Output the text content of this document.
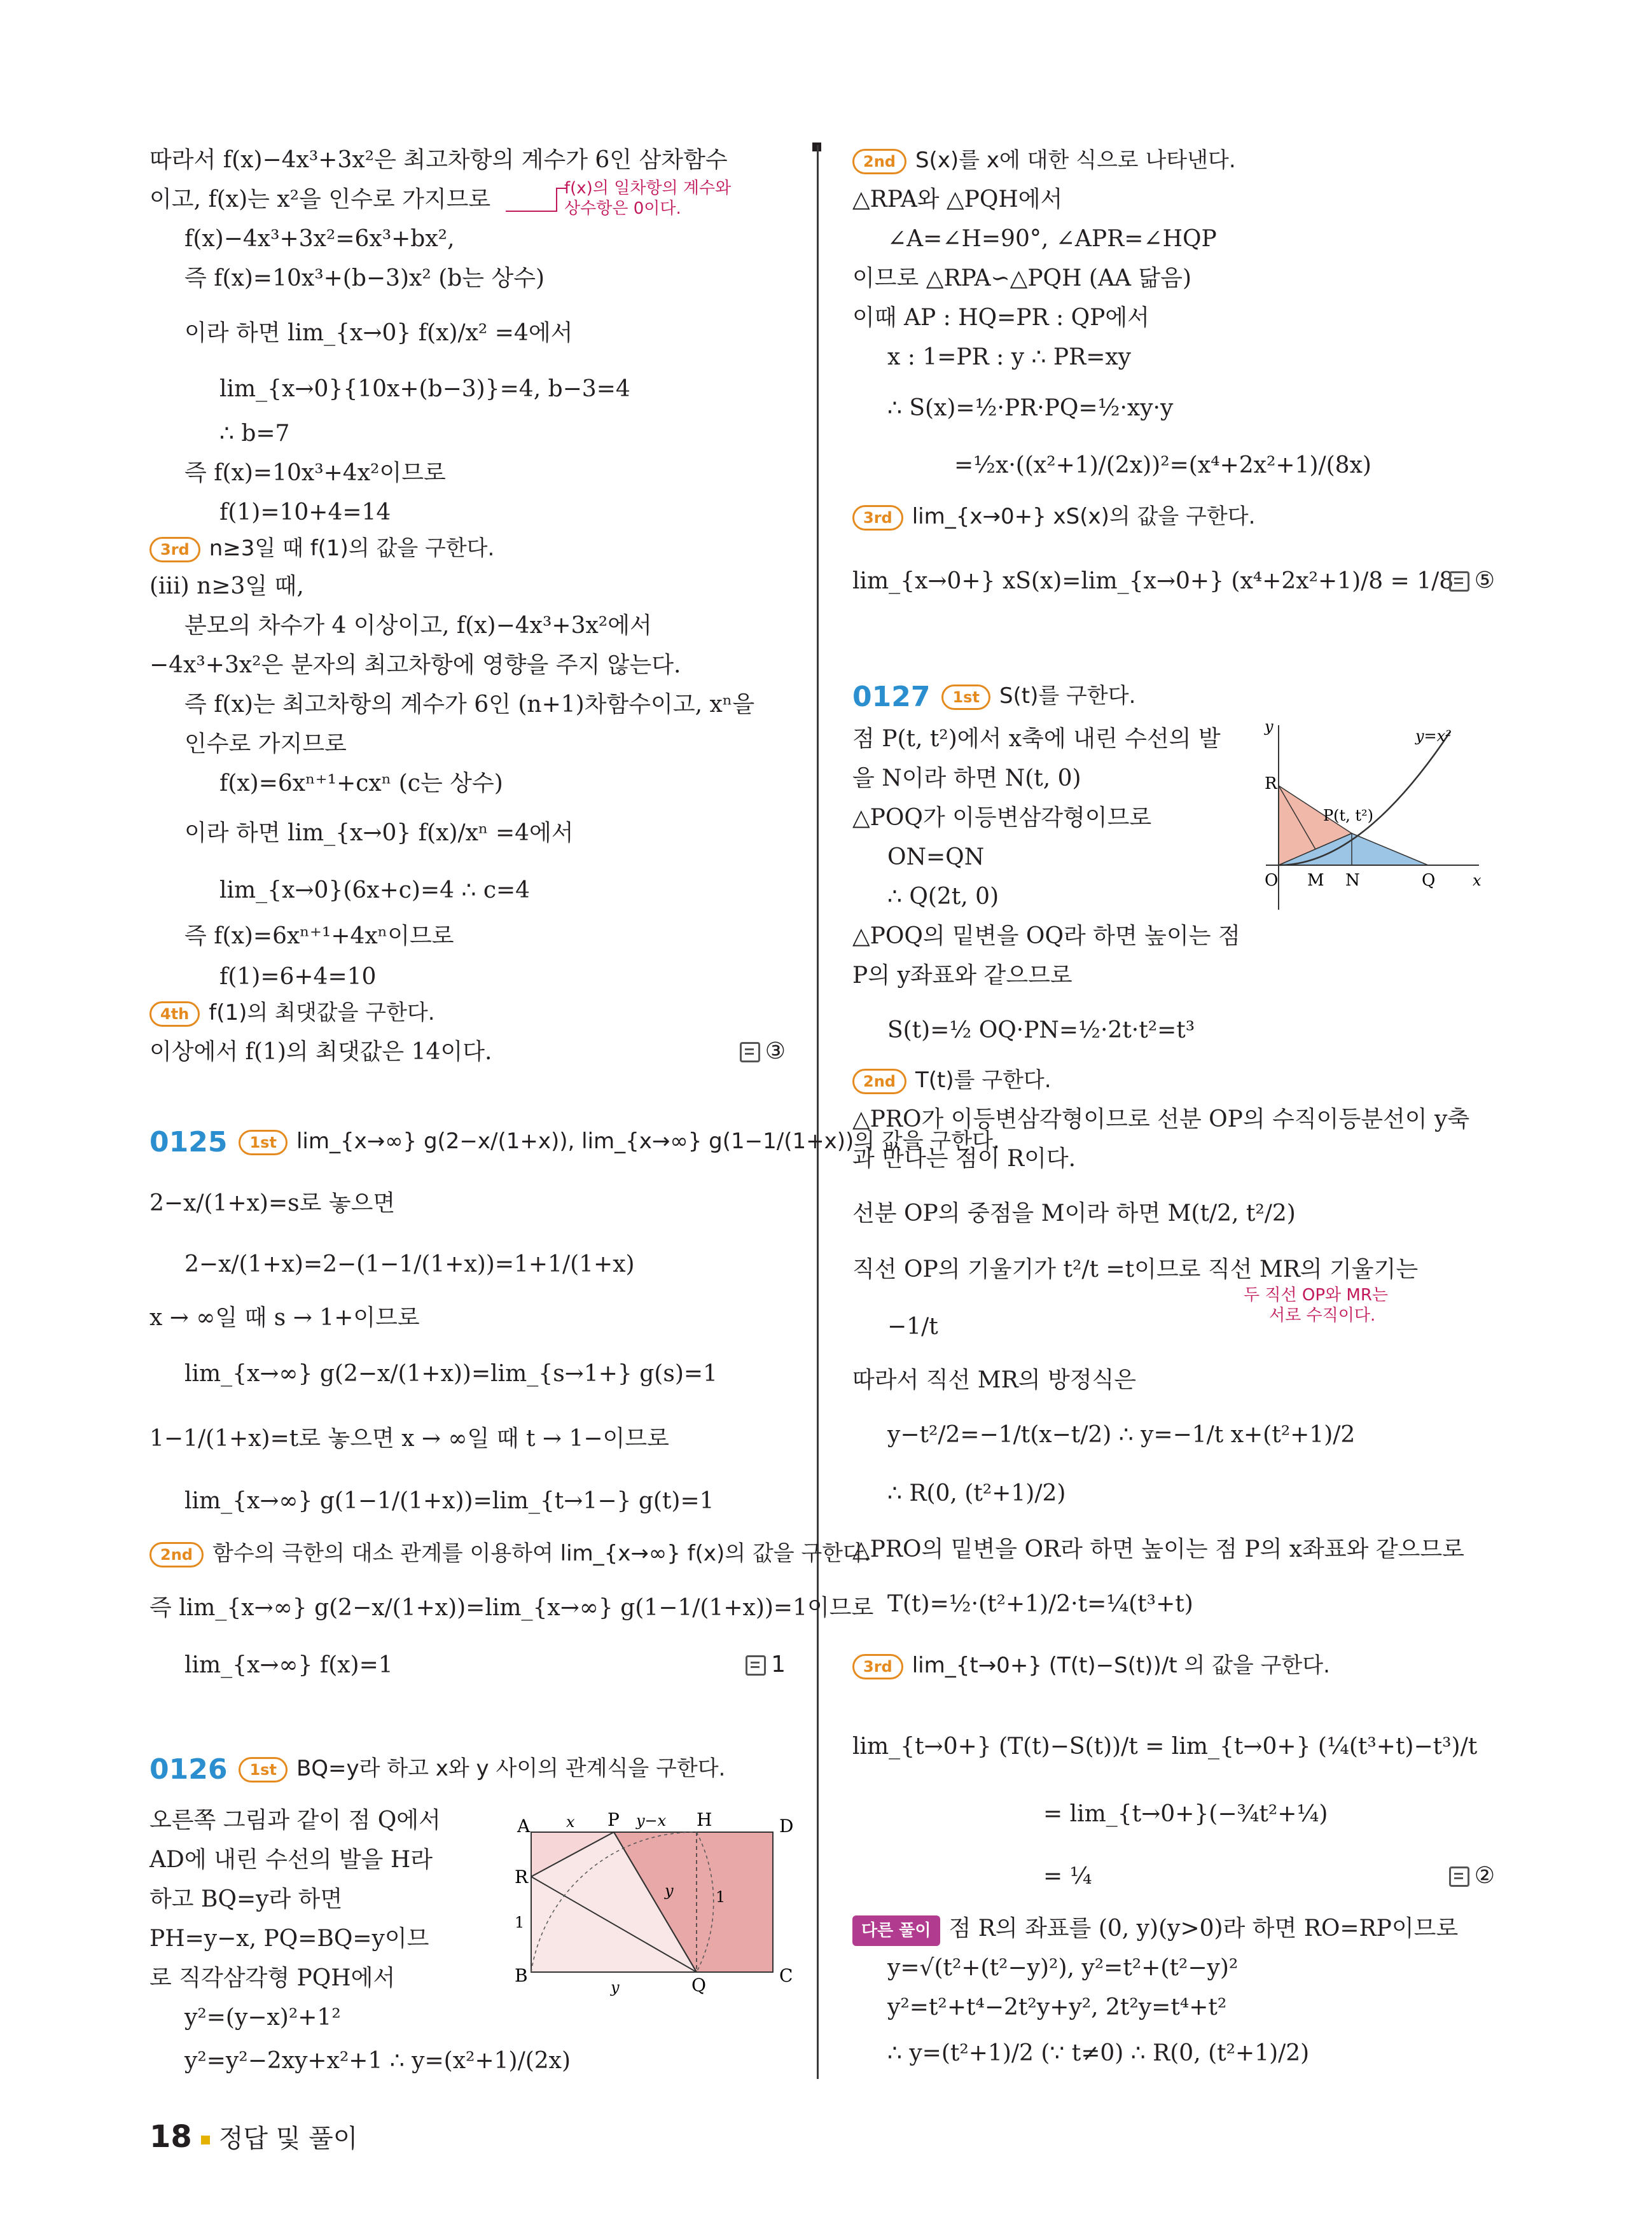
따라서 f(x)−4x³+3x²은 최고차항의 계수가 6인 삼차함수
이고, f(x)는 x²을 인수로 가지므로
f(x)−4x³+3x²=6x³+bx²,
즉 f(x)=10x³+(b−3)x² (b는 상수)
이라 하면 lim_{x→0} f(x)/x² =4에서
lim_{x→0}{10x+(b−3)}=4, b−3=4
∴ b=7
즉 f(x)=10x³+4x²이므로
f(1)=10+4=14
3rd n≥3일 때 f(1)의 값을 구한다.
(iii) n≥3일 때,
분모의 차수가 4 이상이고, f(x)−4x³+3x²에서
−4x³+3x²은 분자의 최고차항에 영향을 주지 않는다.
즉 f(x)는 최고차항의 계수가 6인 (n+1)차함수이고, xⁿ을
인수로 가지므로
f(x)=6xⁿ⁺¹+cxⁿ (c는 상수)
이라 하면 lim_{x→0} f(x)/xⁿ =4에서
lim_{x→0}(6x+c)=4 ∴ c=4
즉 f(x)=6xⁿ⁺¹+4xⁿ이므로
f(1)=6+4=10
4th f(1)의 최댓값을 구한다.
이상에서 f(1)의 최댓값은 14이다.	③
f(x)의 일차항의 계수와
상수항은 0이다.
0125 1st lim_{x→∞} g(2−x/(1+x)), lim_{x→∞} g(1−1/(1+x))의 값을 구한다.
2−x/(1+x)=s로 놓으면
2−x/(1+x)=2−(1−1/(1+x))=1+1/(1+x)
x → ∞일 때 s → 1+이므로
lim_{x→∞} g(2−x/(1+x))=lim_{s→1+} g(s)=1
1−1/(1+x)=t로 놓으면 x → ∞일 때 t → 1−이므로
lim_{x→∞} g(1−1/(1+x))=lim_{t→1−} g(t)=1
2nd 함수의 극한의 대소 관계를 이용하여 lim_{x→∞} f(x)의 값을 구한다.
즉 lim_{x→∞} g(2−x/(1+x))=lim_{x→∞} g(1−1/(1+x))=1이므로
lim_{x→∞} f(x)=1	1
0126 1st BQ=y라 하고 x와 y 사이의 관계식을 구한다.
오른쪽 그림과 같이 점 Q에서
AD에 내린 수선의 발을 H라
하고 BQ=y라 하면
PH=y−x, PQ=BQ=y이므
로 직각삼각형 PQH에서
y²=(y−x)²+1²
y²=y²−2xy+x²+1 ∴ y=(x²+1)/(2x)
A x P y−x H	D
R
1
y	1
B
y	Q	C
2nd S(x)를 x에 대한 식으로 나타낸다.
△RPA와 △PQH에서
∠A=∠H=90°, ∠APR=∠HQP
이므로 △RPA∽△PQH (AA 닮음)
이때 AP : HQ=PR : QP에서
x : 1=PR : y ∴ PR=xy
∴ S(x)=½·PR·PQ=½·xy·y
=½x·((x²+1)/(2x))²=(x⁴+2x²+1)/(8x)
3rd lim_{x→0+} xS(x)의 값을 구한다.
lim_{x→0+} xS(x)=lim_{x→0+} (x⁴+2x²+1)/8 = 1/8 ⑤
0127 1st S(t)를 구한다.
점 P(t, t²)에서 x축에 내린 수선의 발
을 N이라 하면 N(t, 0)
△POQ가 이등변삼각형이므로
ON=QN
∴ Q(2t, 0)
△POQ의 밑변을 OQ라 하면 높이는 점
P의 y좌표와 같으므로
S(t)=½ OQ·PN=½·2t·t²=t³
2nd T(t)를 구한다.
△PRO가 이등변삼각형이므로 선분 OP의 수직이등분선이 y축
과 만나는 점이 R이다.
선분 OP의 중점을 M이라 하면 M(t/2, t²/2)
직선 OP의 기울기가 t²/t =t이므로 직선 MR의 기울기는
−1/t
두 직선 OP와 MR는
서로 수직이다.
따라서 직선 MR의 방정식은
y−t²/2=−1/t(x−t/2) ∴ y=−1/t x+(t²+1)/2
∴ R(0, (t²+1)/2)
△PRO의 밑변을 OR라 하면 높이는 점 P의 x좌표와 같으므로
T(t)=½·(t²+1)/2·t=¼(t³+t)
3rd lim_{t→0+} (T(t)−S(t))/t 의 값을 구한다.
lim_{t→0+} (T(t)−S(t))/t = lim_{t→0+} (¼(t³+t)−t³)/t
= lim_{t→0+}(−¾t²+¼)
= ¼	②
다른 풀이 점 R의 좌표를 (0, y)(y>0)라 하면 RO=RP이므로
y=√(t²+(t²−y)²), y²=t²+(t²−y)²
y²=t²+t⁴−2t²y+y², 2t²y=t⁴+t²
∴ y=(t²+1)/2 (∵ t≠0) ∴ R(0, (t²+1)/2)
y
y=x²
R
P(t, t²)
O M N	Q x
18 정답 및 풀이
